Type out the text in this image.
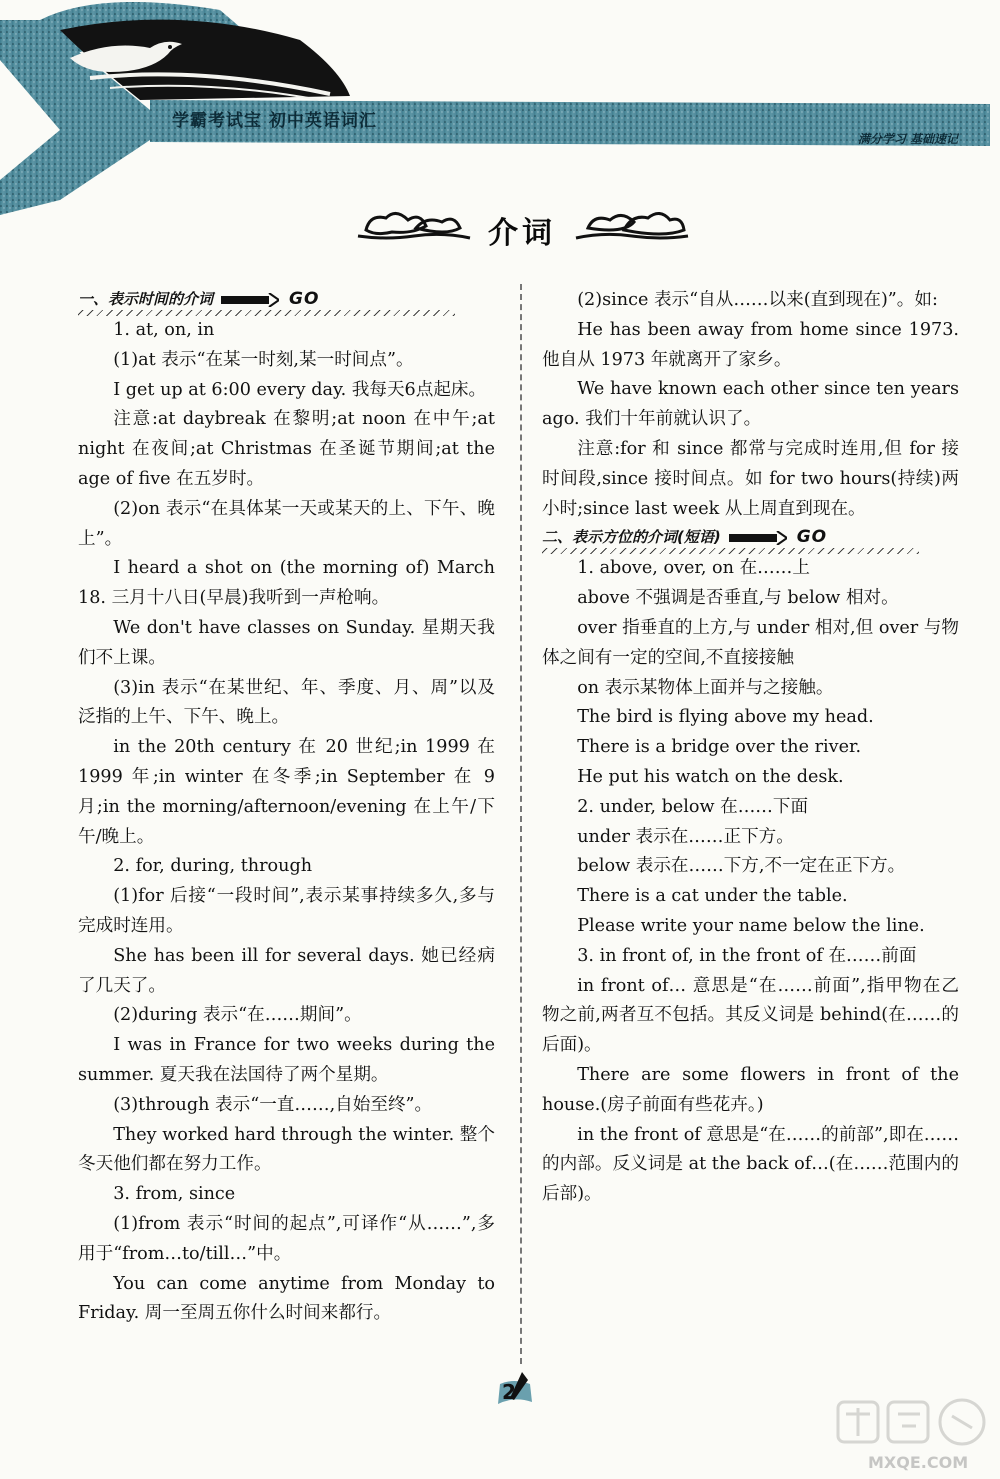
学霸考试宝 初中英语词汇
满分学习 基础速记
介词

一、表示时间的介词	GO

1. at, on, in

(1)at 表示“在某一时刻,某一时间点”。

I get up at 6:00 every day. 我每天6点起床。

注意:at daybreak 在黎明;at noon 在中午;at night 在夜间;at Christmas 在圣诞节期间;at the age of five 在五岁时。

(2)on 表示“在具体某一天或某天的上、下午、晚上”。

I heard a shot on (the morning of) March 18. 三月十八日(早晨)我听到一声枪响。

We don't have classes on Sunday. 星期天我们不上课。

(3)in 表示“在某世纪、年、季度、月、周”以及泛指的上午、下午、晚上。

in the 20th century 在 20 世纪;in 1999 在 1999 年;in winter 在冬季;in September 在 9 月;in the morning/afternoon/evening 在上午/下午/晚上。

2. for, during, through

(1)for 后接“一段时间”,表示某事持续多久,多与完成时连用。

She has been ill for several days. 她已经病了几天了。

(2)during 表示“在……期间”。

I was in France for two weeks during the summer. 夏天我在法国待了两个星期。

(3)through 表示“一直……,自始至终”。

They worked hard through the winter. 整个冬天他们都在努力工作。

3. from, since

(1)from 表示“时间的起点”,可译作“从……”,多用于“from…to/till…”中。

You can come anytime from Monday to Friday. 周一至周五你什么时间来都行。

(2)since 表示“自从……以来(直到现在)”。如:

He has been away from home since 1973. 他自从 1973 年就离开了家乡。

We have known each other since ten years ago. 我们十年前就认识了。

注意:for 和 since 都常与完成时连用,但 for 接时间段,since 接时间点。如 for two hours(持续)两小时;since last week 从上周直到现在。

二、表示方位的介词(短语)	GO

1. above, over, on 在……上

above 不强调是否垂直,与 below 相对。

over 指垂直的上方,与 under 相对,但 over 与物体之间有一定的空间,不直接接触

on 表示某物体上面并与之接触。

The bird is flying above my head.

There is a bridge over the river.

He put his watch on the desk.

2. under, below 在……下面

under 表示在……正下方。

below 表示在……下方,不一定在正下方。

There is a cat under the table.

Please write your name below the line.

3. in front of, in the front of 在……前面

in front of… 意思是“在……前面”,指甲物在乙物之前,两者互不包括。其反义词是 behind(在……的后面)。

There are some flowers in front of the house.(房子前面有些花卉。)

in the front of 意思是“在……的前部”,即在……的内部。反义词是 at the back of…(在……范围内的后部)。

2
MXQE.COM
